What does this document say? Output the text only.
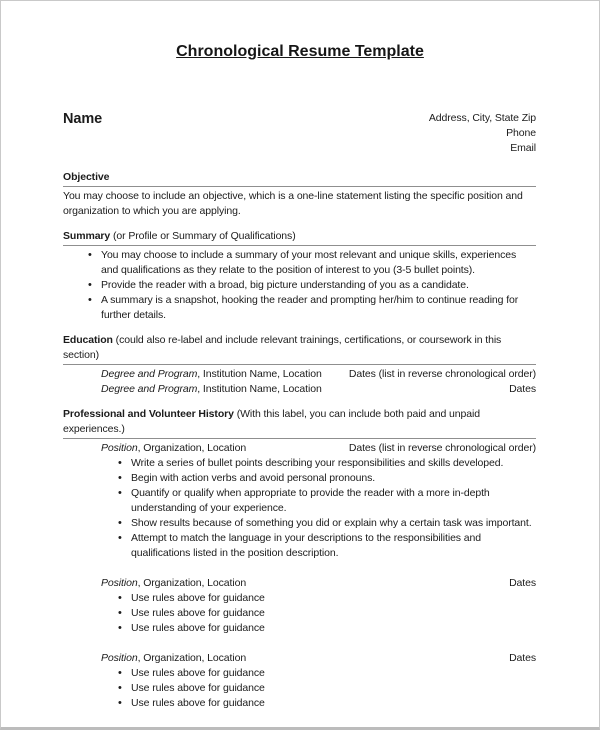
Chronological Resume Template
Name	Address, City, State Zip
Phone
Email
Objective

You may choose to include an objective, which is a one-line statement listing the specific position and organization to which you are applying.

Summary (or Profile or Summary of Qualifications)
• You may choose to include a summary of your most relevant and unique skills, experiences and qualifications as they relate to the position of interest to you (3-5 bullet points).
• Provide the reader with a broad, big picture understanding of you as a candidate.
• A summary is a snapshot, hooking the reader and prompting her/him to continue reading for further details.
Education (could also re-label and include relevant trainings, certifications, or coursework in this section)
Degree and Program, Institution Name, Location	Dates (list in reverse chronological order)
Degree and Program, Institution Name, Location	Dates
Professional and Volunteer History (With this label, you can include both paid and unpaid experiences.)
Position, Organization, Location	Dates (list in reverse chronological order)
• Write a series of bullet points describing your responsibilities and skills developed.
• Begin with action verbs and avoid personal pronouns.
• Quantify or qualify when appropriate to provide the reader with a more in-depth understanding of your experience.
• Show results because of something you did or explain why a certain task was important.
• Attempt to match the language in your descriptions to the responsibilities and qualifications listed in the position description.
Position, Organization, Location	Dates
• Use rules above for guidance
• Use rules above for guidance
• Use rules above for guidance
Position, Organization, Location	Dates
• Use rules above for guidance
• Use rules above for guidance
• Use rules above for guidance
